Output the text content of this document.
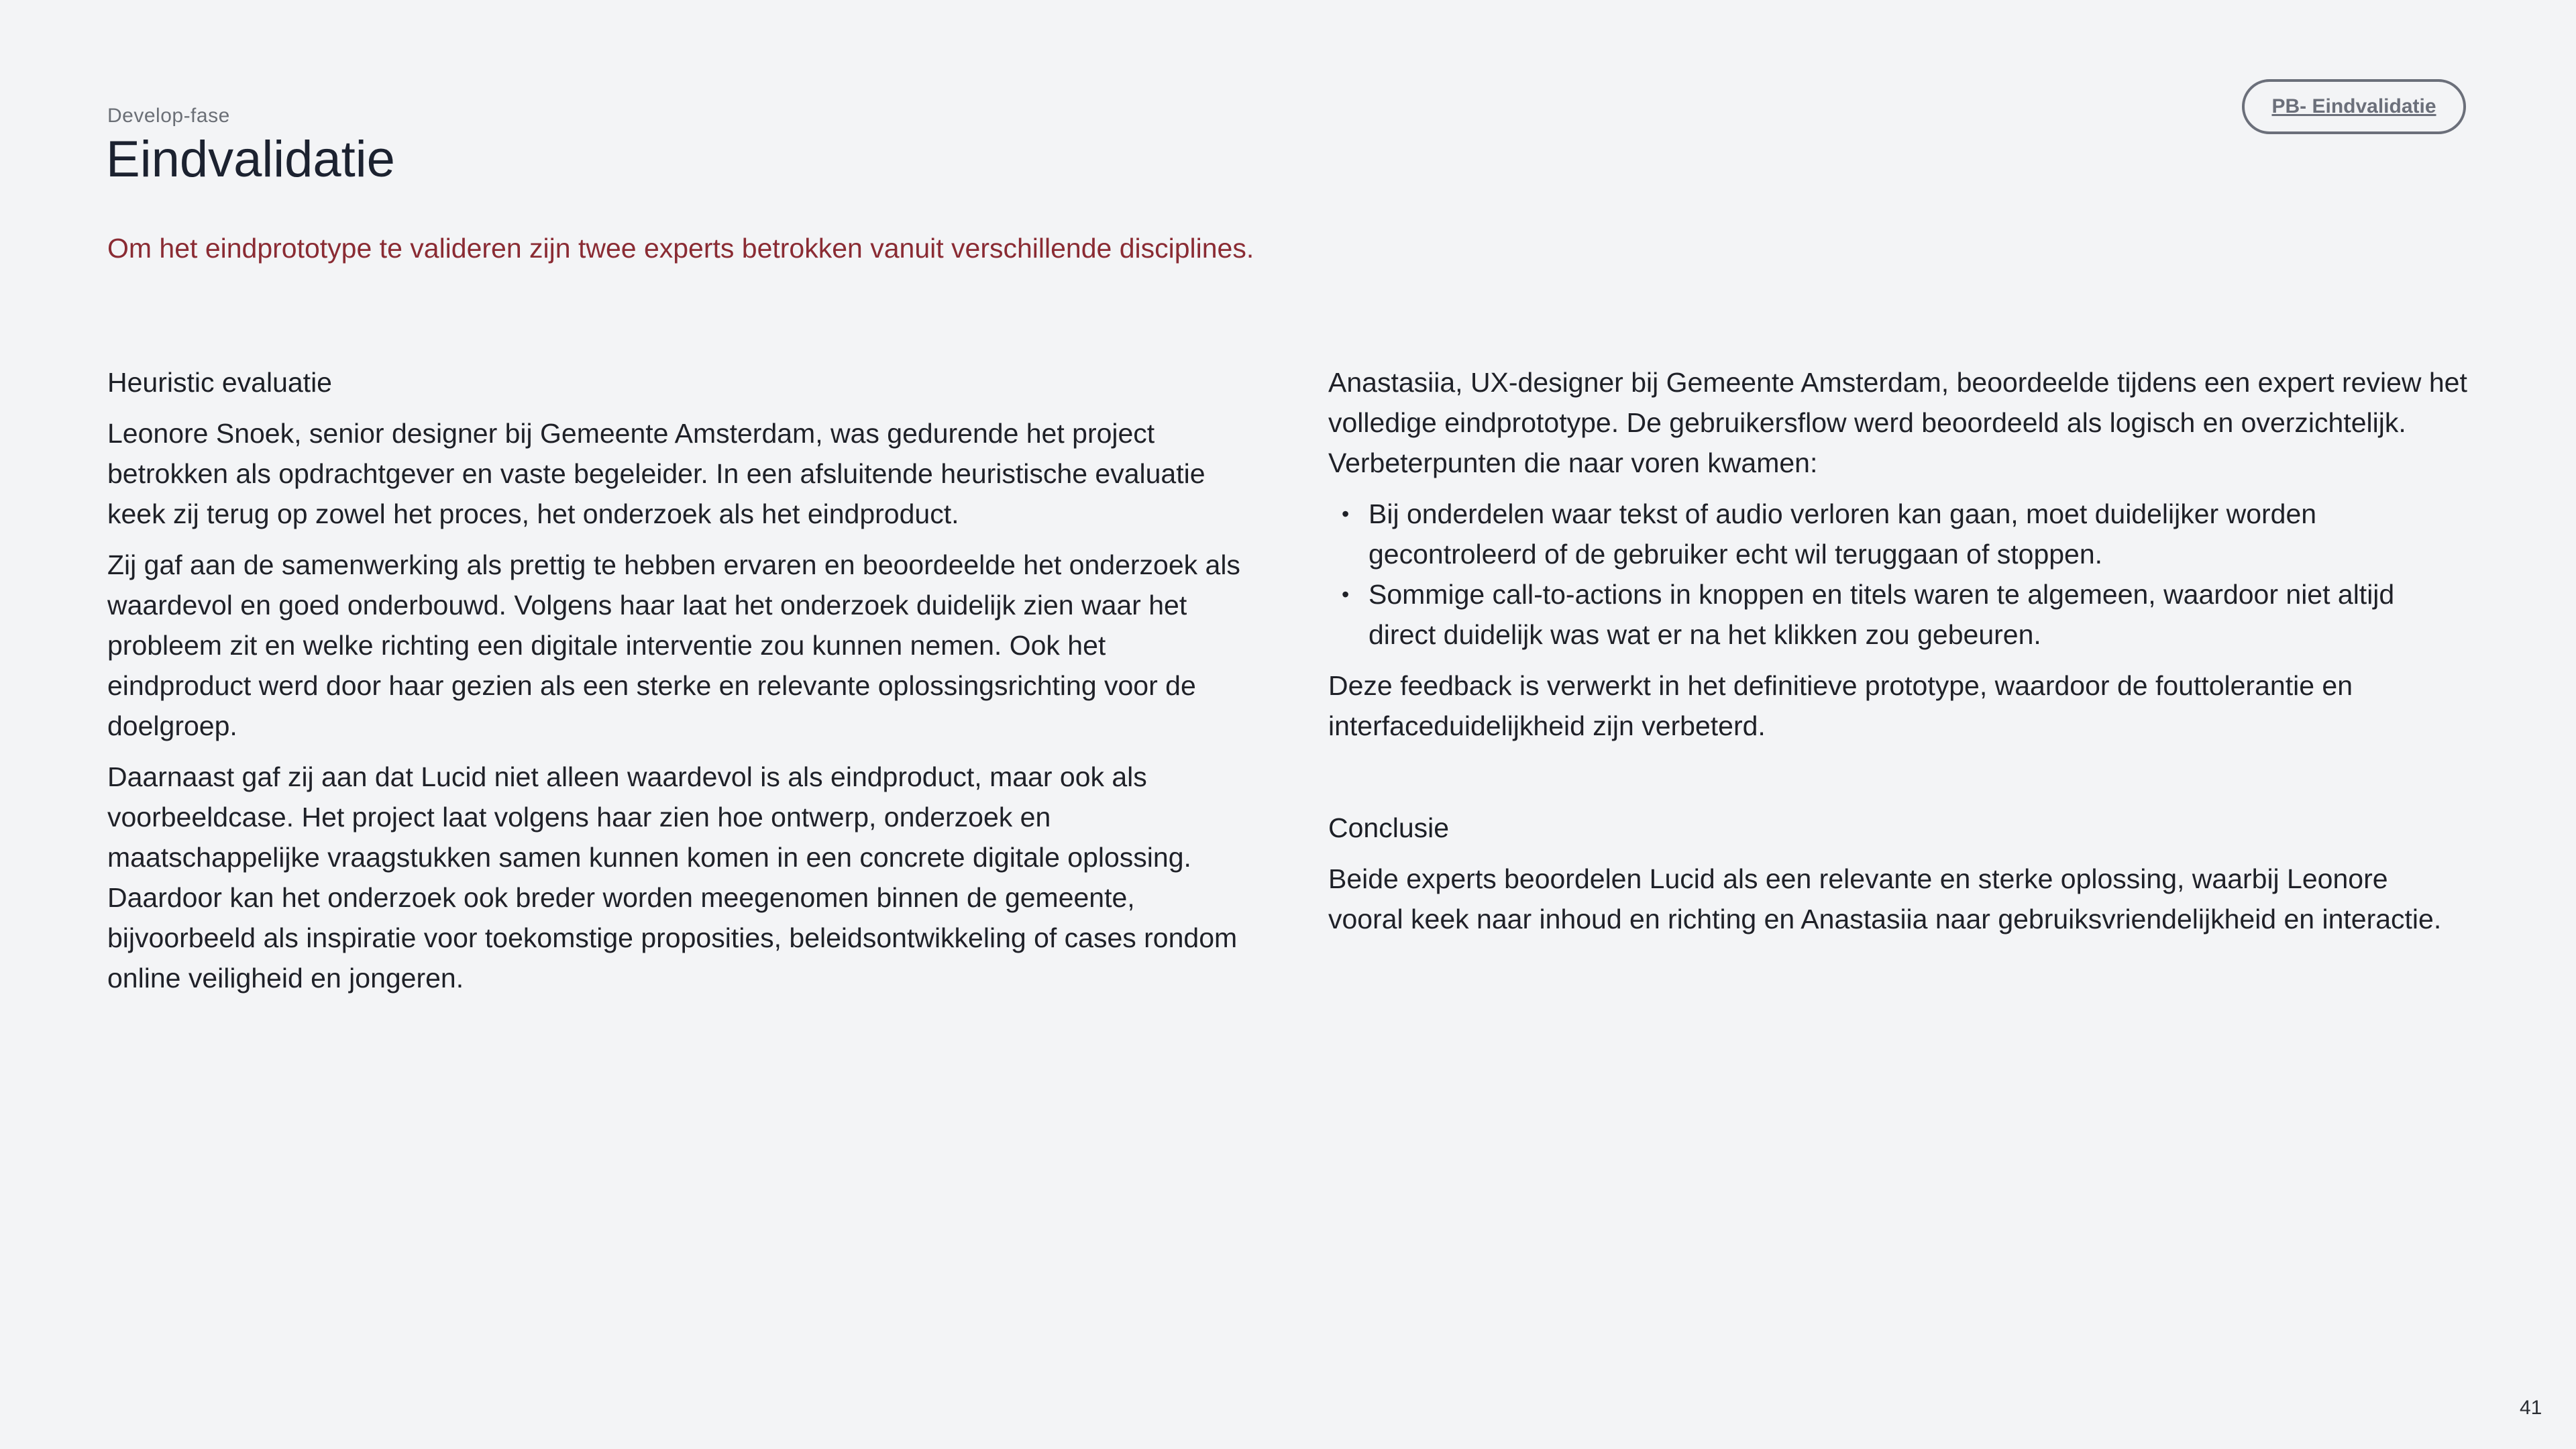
Develop-fase
Eindvalidatie
PB- Eindvalidatie

Om het eindprototype te valideren zijn twee experts betrokken vanuit verschillende disciplines.

Heuristic evaluatie

Leonore Snoek, senior designer bij Gemeente Amsterdam, was gedurende het project betrokken als opdrachtgever en vaste begeleider. In een afsluitende heuristische evaluatie keek zij terug op zowel het proces, het onderzoek als het eindproduct.

Zij gaf aan de samenwerking als prettig te hebben ervaren en beoordeelde het onderzoek als waardevol en goed onderbouwd. Volgens haar laat het onderzoek duidelijk zien waar het probleem zit en welke richting een digitale interventie zou kunnen nemen. Ook het eindproduct werd door haar gezien als een sterke en relevante oplossingsrichting voor de doelgroep.

Daarnaast gaf zij aan dat Lucid niet alleen waardevol is als eindproduct, maar ook als voorbeeldcase. Het project laat volgens haar zien hoe ontwerp, onderzoek en maatschappelijke vraagstukken samen kunnen komen in een concrete digitale oplossing. Daardoor kan het onderzoek ook breder worden meegenomen binnen de gemeente, bijvoorbeeld als inspiratie voor toekomstige proposities, beleidsontwikkeling of cases rondom online veiligheid en jongeren.

Anastasiia, UX-designer bij Gemeente Amsterdam, beoordeelde tijdens een expert review het volledige eindprototype. De gebruikersflow werd beoordeeld als logisch en overzichtelijk. Verbeterpunten die naar voren kwamen:

• Bij onderdelen waar tekst of audio verloren kan gaan, moet duidelijker worden gecontroleerd of de gebruiker echt wil teruggaan of stoppen.
• Sommige call-to-actions in knoppen en titels waren te algemeen, waardoor niet altijd direct duidelijk was wat er na het klikken zou gebeuren.

Deze feedback is verwerkt in het definitieve prototype, waardoor de fouttolerantie en interfaceduidelijkheid zijn verbeterd.

Conclusie

Beide experts beoordelen Lucid als een relevante en sterke oplossing, waarbij Leonore vooral keek naar inhoud en richting en Anastasiia naar gebruiksvriendelijkheid en interactie.

41
